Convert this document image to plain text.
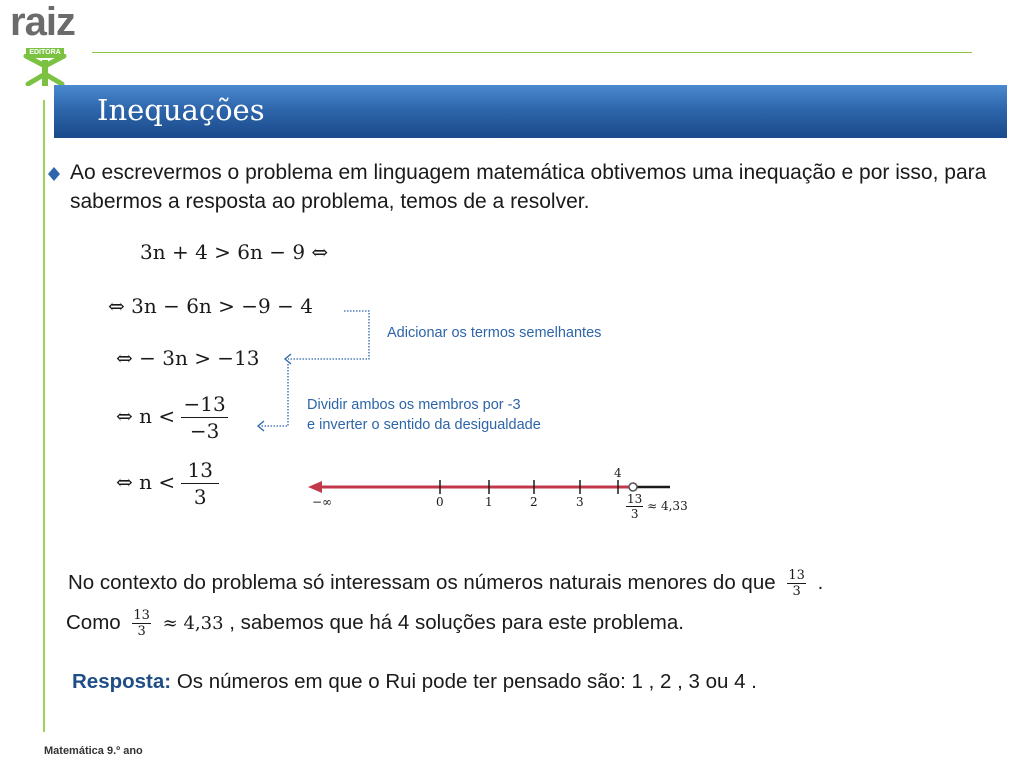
raiz
EDITORA
Inequações
Ao escrevermos o problema em linguagem matemática obtivemos uma inequação e por isso, para sabermos a resposta ao problema, temos de a resolver.
3n + 4 > 6n − 9 ⇔
⇔ 3n − 6n > −9 − 4
⇔ − 3n > −13
⇔ $n < \frac{-13}{-3}$
⇔ $n < \frac{13}{3}$
Adicionar os termos semelhantes
Dividir ambos os membros por -3
e inverter o sentido da desigualdade
−∞	0	1	2	3
4
$\frac{13}{3} \approx 4,33$
No contexto do problema só interessam os números naturais menores do que $\frac{13}{3}$ .
Como $\frac{13}{3} \approx 4,33$ , sabemos que há 4 soluções para este problema.
Resposta: Os números em que o Rui pode ter pensado são: 1 , 2 , 3 ou 4 .
Matemática 9.º ano
